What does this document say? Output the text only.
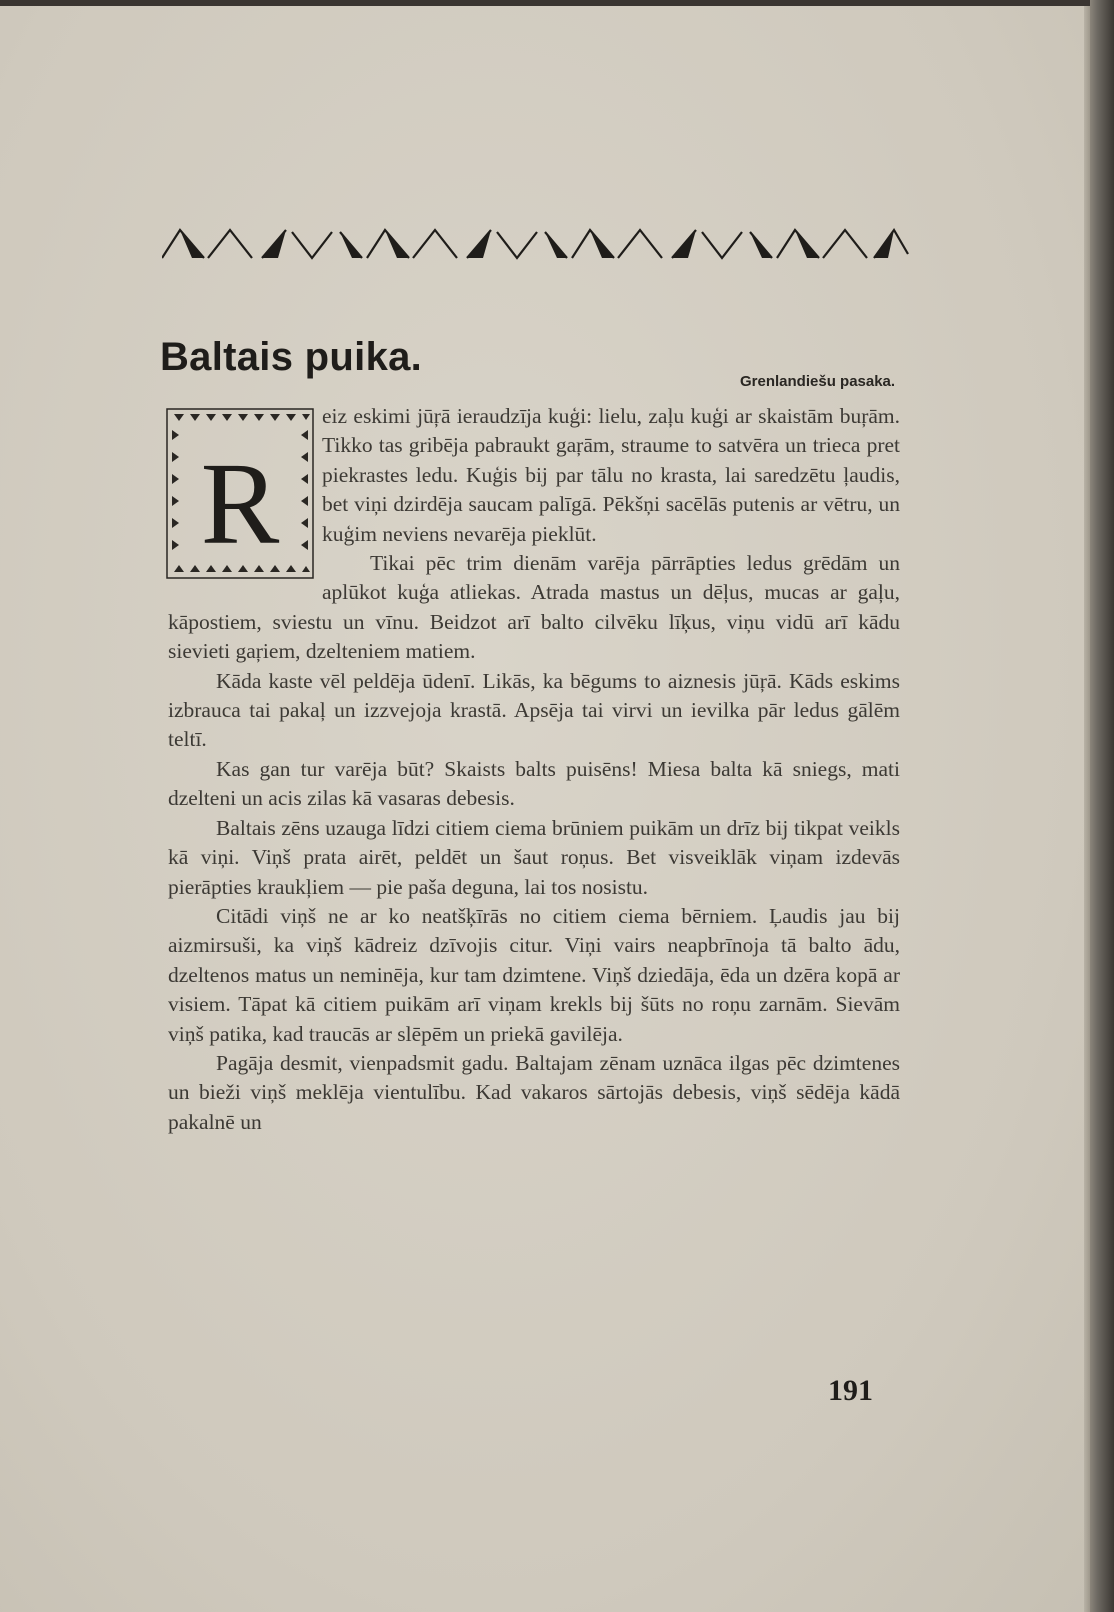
Baltais puika.
Grenlandiešu pasaka.
R

eiz eskimi jūŗā ieraudzīja kuģi: lielu, zaļu kuģi ar skaistām buŗām. Tikko tas gribēja pabraukt gaŗām, straume to satvēra un trieca pret piekrastes ledu. Kuģis bij par tālu no krasta, lai saredzētu ļaudis, bet viņi dzirdēja saucam palīgā. Pēkšņi sacēlās putenis ar vētru, un kuģim neviens nevarēja pieklūt.

Tikai pēc trim dienām varēja pārrāpties ledus grēdām un aplūkot kuģa atliekas. Atrada mastus un dēļus, mucas ar gaļu, kāpostiem, sviestu un vīnu. Beidzot arī balto cilvēku līķus, viņu vidū arī kādu sievieti gaŗiem, dzelteniem matiem.

Kāda kaste vēl peldēja ūdenī. Likās, ka bēgums to aiznesis jūŗā. Kāds eskims izbrauca tai pakaļ un izzvejoja krastā. Apsēja tai virvi un ievilka pār ledus gālēm teltī.

Kas gan tur varēja būt? Skaists balts puisēns! Miesa balta kā sniegs, mati dzelteni un acis zilas kā vasaras debesis.

Baltais zēns uzauga līdzi citiem ciema brūniem puikām un drīz bij tikpat veikls kā viņi. Viņš prata airēt, peldēt un šaut roņus. Bet visveiklāk viņam izdevās pierāpties kraukļiem — pie paša deguna, lai tos nosistu.

Citādi viņš ne ar ko neatšķīrās no citiem ciema bērniem. Ļaudis jau bij aizmirsuši, ka viņš kādreiz dzīvojis citur. Viņi vairs neapbrīnoja tā balto ādu, dzeltenos matus un neminēja, kur tam dzimtene. Viņš dziedāja, ēda un dzēra kopā ar visiem. Tāpat kā citiem puikām arī viņam krekls bij šūts no roņu zarnām. Sievām viņš patika, kad traucās ar slēpēm un priekā gavilēja.

Pagāja desmit, vienpadsmit gadu. Baltajam zēnam uznāca ilgas pēc dzimtenes un bieži viņš meklēja vientulību. Kad vakaros sārtojās debesis, viņš sēdēja kādā pakalnē un

191
